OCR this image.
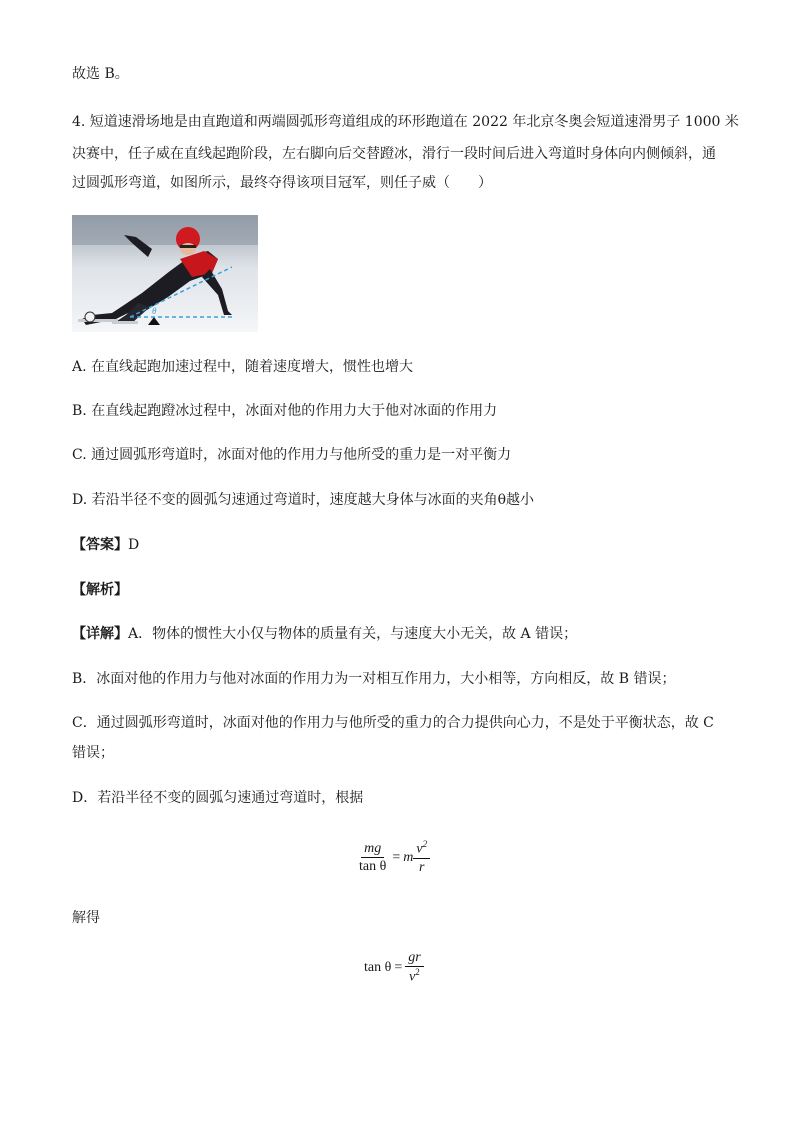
故选 B。
4. 短道速滑场地是由直跑道和两端圆弧形弯道组成的环形跑道在 2022 年北京冬奥会短道速滑男子 1000 米
决赛中，任子威在直线起跑阶段，左右脚向后交替蹬冰，滑行一段时间后进入弯道时身体向内侧倾斜，通
过圆弧形弯道，如图所示，最终夺得该项目冠军，则任子威（　　）
θ
A. 在直线起跑加速过程中，随着速度增大，惯性也增大
B. 在直线起跑蹬冰过程中，冰面对他的作用力大于他对冰面的作用力
C. 通过圆弧形弯道时，冰面对他的作用力与他所受的重力是一对平衡力
D. 若沿半径不变的圆弧匀速通过弯道时，速度越大身体与冰面的夹角θ越小
【答案】D
【解析】
【详解】A．物体的惯性大小仅与物体的质量有关，与速度大小无关，故 A 错误；
B．冰面对他的作用力与他对冰面的作用力为一对相互作用力，大小相等，方向相反，故 B 错误；
C．通过圆弧形弯道时，冰面对他的作用力与他所受的重力的合力提供向心力，不是处于平衡状态，故 C
错误；
D．若沿半径不变的圆弧匀速通过弯道时，根据
$\frac{mg}{\text{tan θ}} = m \frac{v^2}{r}$
解得
$\tan \theta = \frac{gr}{v^2}$
